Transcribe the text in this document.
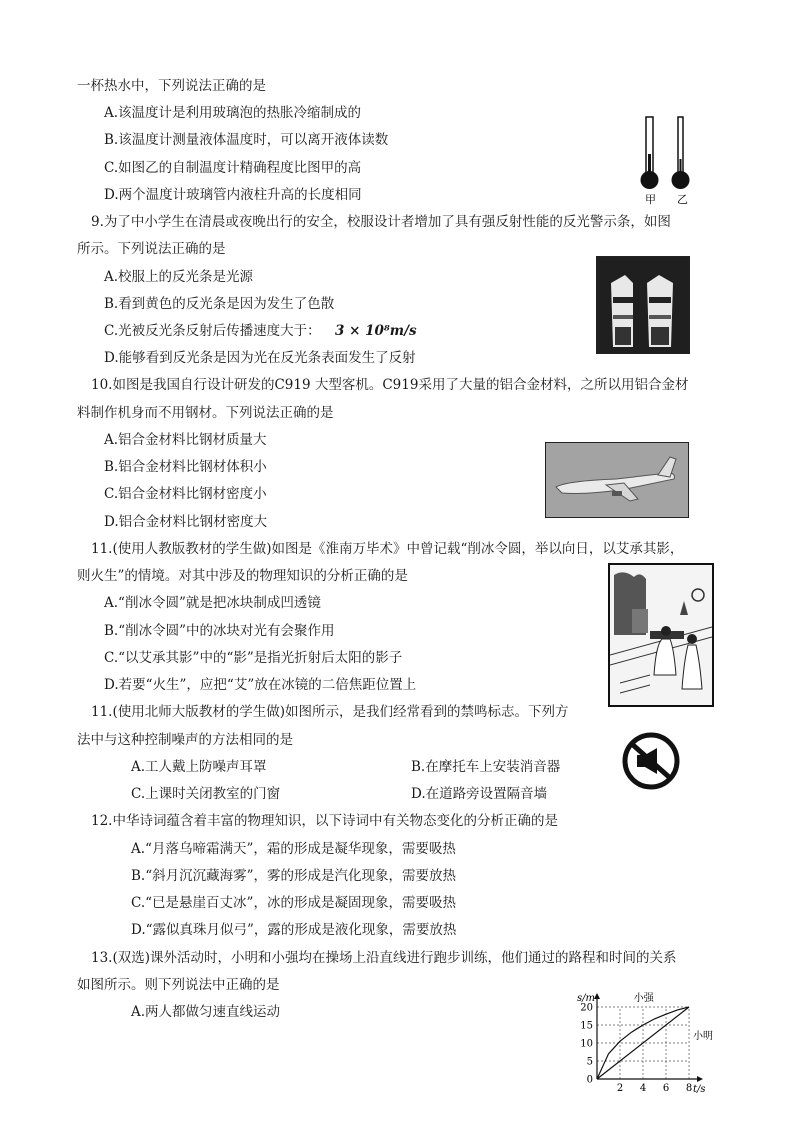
一杯热水中，下列说法正确的是
A.该温度计是利用玻璃泡的热胀冷缩制成的
B.该温度计测量液体温度时，可以离开液体读数
C.如图乙的自制温度计精确程度比图甲的高
D.两个温度计玻璃管内液柱升高的长度相同	甲 乙
9.为了中小学生在清晨或夜晚出行的安全，校服设计者增加了具有强反射性能的反光警示条，如图
所示。下列说法正确的是
A.校服上的反光条是光源
B.看到黄色的反光条是因为发生了色散
C.光被反光条反射后传播速度大于： 3 × 10⁸m/s
D.能够看到反光条是因为光在反光条表面发生了反射
10.如图是我国自行设计研发的C919 大型客机。C919采用了大量的铝合金材料，之所以用铝合金材
料制作机身而不用钢材。下列说法正确的是
A.铝合金材料比钢材质量大
B.铝合金材料比钢材体积小
C.铝合金材料比钢材密度小
D.铝合金材料比钢材密度大
11.(使用人教版教材的学生做)如图是《淮南万毕术》中曾记载“削冰令圆，举以向日，以艾承其影，
则火生”的情境。对其中涉及的物理知识的分析正确的是
A.“削冰令圆”就是把冰块制成凹透镜
B.“削冰令圆”中的冰块对光有会聚作用
C.“以艾承其影”中的“影”是指光折射后太阳的影子
D.若要“火生”，应把“艾”放在冰镜的二倍焦距位置上
11.(使用北师大版教材的学生做)如图所示，是我们经常看到的禁鸣标志。下列方
法中与这种控制噪声的方法相同的是
A.工人戴上防噪声耳罩	B.在摩托车上安装消音器
C.上课时关闭教室的门窗	D.在道路旁设置隔音墙
12.中华诗词蕴含着丰富的物理知识，以下诗词中有关物态变化的分析正确的是
A.“月落乌啼霜满天”，霜的形成是凝华现象，需要吸热
B.“斜月沉沉藏海雾”，雾的形成是汽化现象，需要放热
C.“已是悬崖百丈冰”，冰的形成是凝固现象，需要吸热
D.“露似真珠月似弓”，露的形成是液化现象，需要放热
13.(双选)课外活动时，小明和小强均在操场上沿直线进行跑步训练，他们通过的路程和时间的关系
如图所示。则下列说法中正确的是
A.两人都做匀速直线运动
0
5
10
15
20
2 4 6 8
s/m
t/s
小强
小明
